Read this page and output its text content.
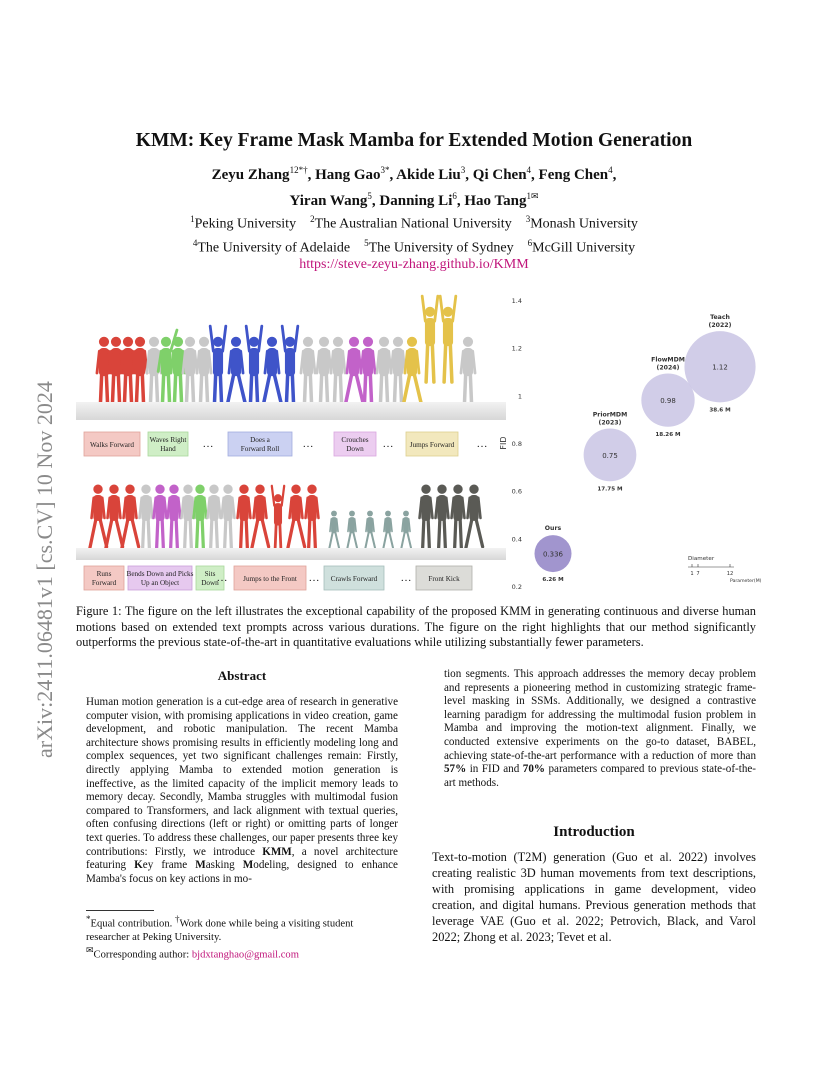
arXiv:2411.06481v1 [cs.CV] 10 Nov 2024
KMM: Key Frame Mask Mamba for Extended Motion Generation
Zeyu Zhang$^{12*\dagger}$, Hang Gao$^{3*}$, Akide Liu$^3$, Qi Chen$^4$, Feng Chen$^4$,
Yiran Wang$^5$, Danning Li$^6$, Hao Tang$^{1✉}$
$^1$Peking University $^2$The Australian National University $^3$Monash University
$^4$The University of Adelaide $^5$The University of Sydney $^6$McGill University
https://steve-zeyu-zhang.github.io/KMM
Walks Forward
Waves Right
Hand
Does a
Forward Roll
Crouches
Down	Jumps Forward
…	…	…	…
Runs
Forward
Bends Down and Picks
Up an Object
Sits
Down	Jumps to the Front	Crawls Forward	Front Kick
…	…	…
FID
1.4
1.2
1
0.8
0.6
0.4
0.2
0.336
Ours
6.26 M
0.75
PriorMDM
(2023)
17.75 M
0.98
FlowMDM
(2024)
18.26 M
1.12
Teach
(2022)
38.6 M
Diameter
1 7	12
Parameter(M)
Figure 1: The figure on the left illustrates the exceptional capability of the proposed KMM in generating continuous and diverse human motions based on extended text prompts across various durations. The figure on the right highlights that our method significantly outperforms the previous state-of-the-art in quantitative evaluations while utilizing substantially fewer parameters.
Abstract
Human motion generation is a cut-edge area of research in generative computer vision, with promising applications in video creation, game development, and robotic manipulation. The recent Mamba architecture shows promising results in efficiently modeling long and complex sequences, yet two significant challenges remain: Firstly, directly applying Mamba to extended motion generation is ineffective, as the limited capacity of the implicit memory leads to memory decay. Secondly, Mamba struggles with multimodal fusion compared to Transformers, and lack alignment with textual queries, often confusing directions (left or right) or omitting parts of longer text queries. To address these challenges, our paper presents three key contributions: Firstly, we introduce KMM, a novel architecture featuring Key frame Masking Modeling, designed to enhance Mamba's focus on key actions in mo-
tion segments. This approach addresses the memory decay problem and represents a pioneering method in customizing strategic frame-level masking in SSMs. Additionally, we designed a contrastive learning paradigm for addressing the multimodal fusion problem in Mamba and improving the motion-text alignment. Finally, we conducted extensive experiments on the go-to dataset, BABEL, achieving state-of-the-art performance with a reduction of more than 57% in FID and 70% parameters compared to previous state-of-the-art methods.
Introduction
Text-to-motion (T2M) generation (Guo et al. 2022) involves creating realistic 3D human movements from text descriptions, with promising applications in game development, video creation, and digital humans. Previous generation methods that leverage VAE (Guo et al. 2022; Petrovich, Black, and Varol 2022; Zhong et al. 2023; Tevet et al.
*Equal contribution. †Work done while being a visiting student researcher at Peking University.
✉Corresponding author: bjdxtanghao@gmail.com
